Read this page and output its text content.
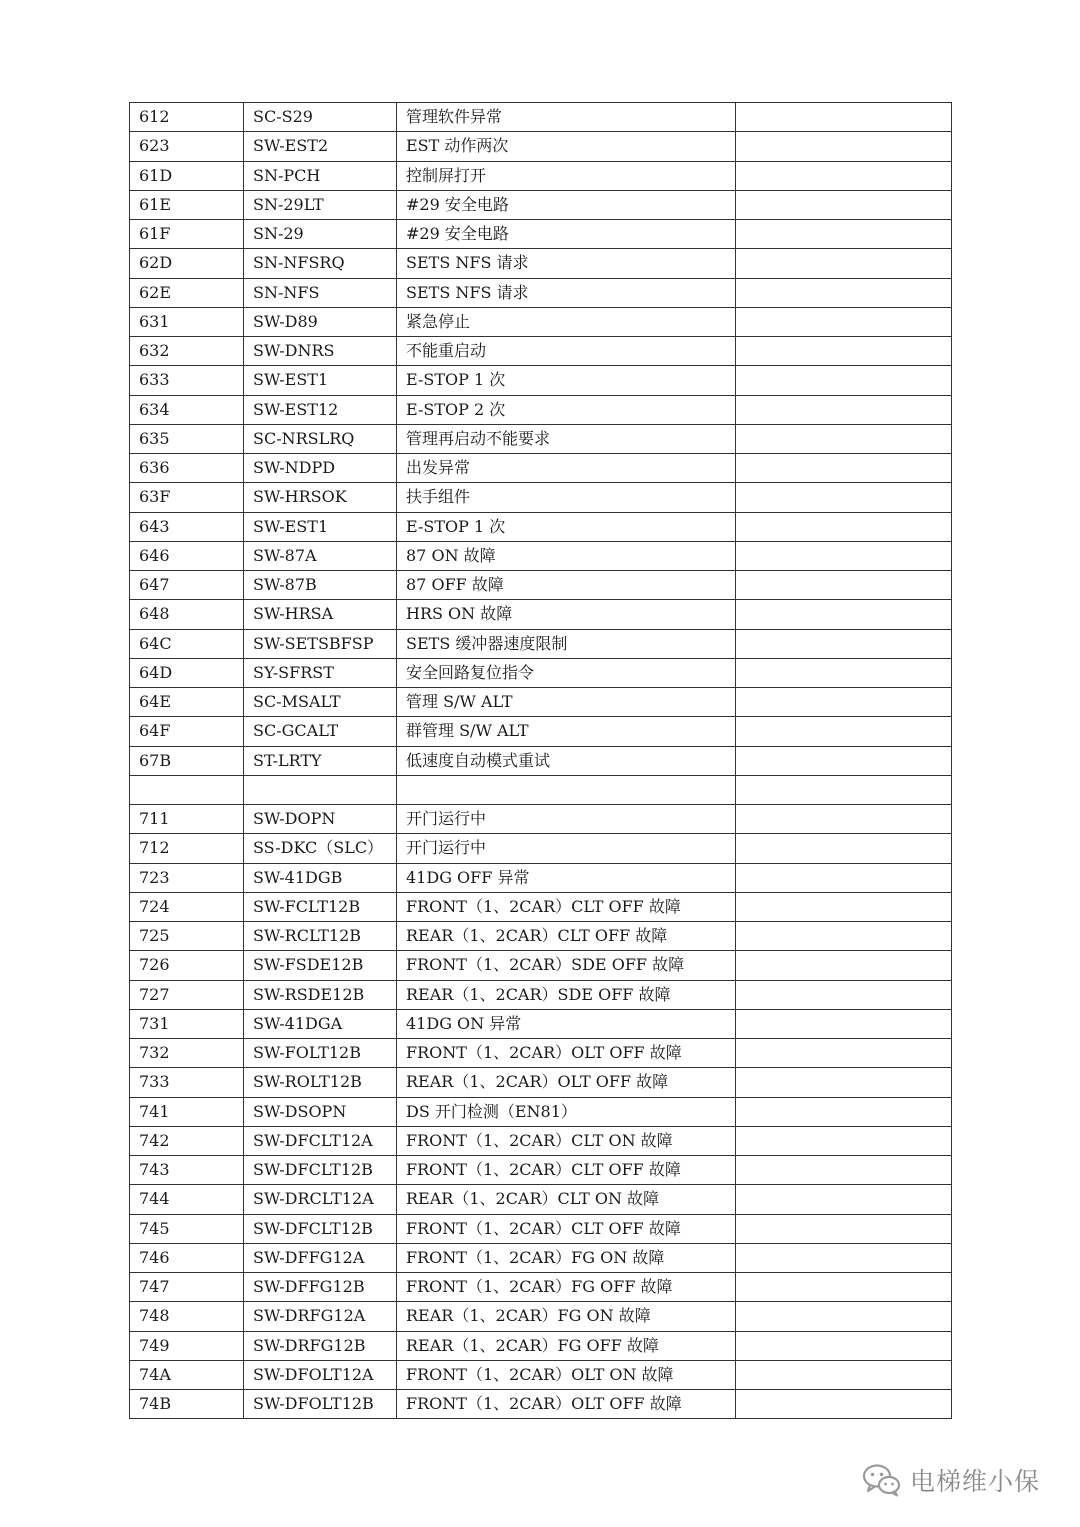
612	SC-S29	管理软件异常	
623	SW-EST2	EST 动作两次	
61D	SN-PCH	控制屏打开	
61E	SN-29LT	#29 安全电路	
61F	SN-29	#29 安全电路	
62D	SN-NFSRQ	SETS NFS 请求	
62E	SN-NFS	SETS NFS 请求	
631	SW-D89	紧急停止	
632	SW-DNRS	不能重启动	
633	SW-EST1	E-STOP 1 次	
634	SW-EST12	E-STOP 2 次	
635	SC-NRSLRQ	管理再启动不能要求	
636	SW-NDPD	出发异常	
63F	SW-HRSOK	扶手组件	
643	SW-EST1	E-STOP 1 次	
646	SW-87A	87 ON 故障	
647	SW-87B	87 OFF 故障	
648	SW-HRSA	HRS ON 故障	
64C	SW-SETSBFSP	SETS 缓冲器速度限制	
64D	SY-SFRST	安全回路复位指令	
64E	SC-MSALT	管理 S/W ALT	
64F	SC-GCALT	群管理 S/W ALT	
67B	ST-LRTY	低速度自动模式重试	

711	SW-DOPN	开门运行中	
712	SS-DKC（SLC）	开门运行中	
723	SW-41DGB	41DG OFF 异常	
724	SW-FCLT12B	FRONT（1、2CAR）CLT OFF 故障	
725	SW-RCLT12B	REAR（1、2CAR）CLT OFF 故障	
726	SW-FSDE12B	FRONT（1、2CAR）SDE OFF 故障	
727	SW-RSDE12B	REAR（1、2CAR）SDE OFF 故障	
731	SW-41DGA	41DG ON 异常	
732	SW-FOLT12B	FRONT（1、2CAR）OLT OFF 故障	
733	SW-ROLT12B	REAR（1、2CAR）OLT OFF 故障	
741	SW-DSOPN	DS 开门检测（EN81）	
742	SW-DFCLT12A	FRONT（1、2CAR）CLT ON 故障	
743	SW-DFCLT12B	FRONT（1、2CAR）CLT OFF 故障	
744	SW-DRCLT12A	REAR（1、2CAR）CLT ON 故障	
745	SW-DFCLT12B	FRONT（1、2CAR）CLT OFF 故障	
746	SW-DFFG12A	FRONT（1、2CAR）FG ON 故障	
747	SW-DFFG12B	FRONT（1、2CAR）FG OFF 故障	
748	SW-DRFG12A	REAR（1、2CAR）FG ON 故障	
749	SW-DRFG12B	REAR（1、2CAR）FG OFF 故障	
74A	SW-DFOLT12A	FRONT（1、2CAR）OLT ON 故障	
74B	SW-DFOLT12B	FRONT（1、2CAR）OLT OFF 故障	
电梯维小保
